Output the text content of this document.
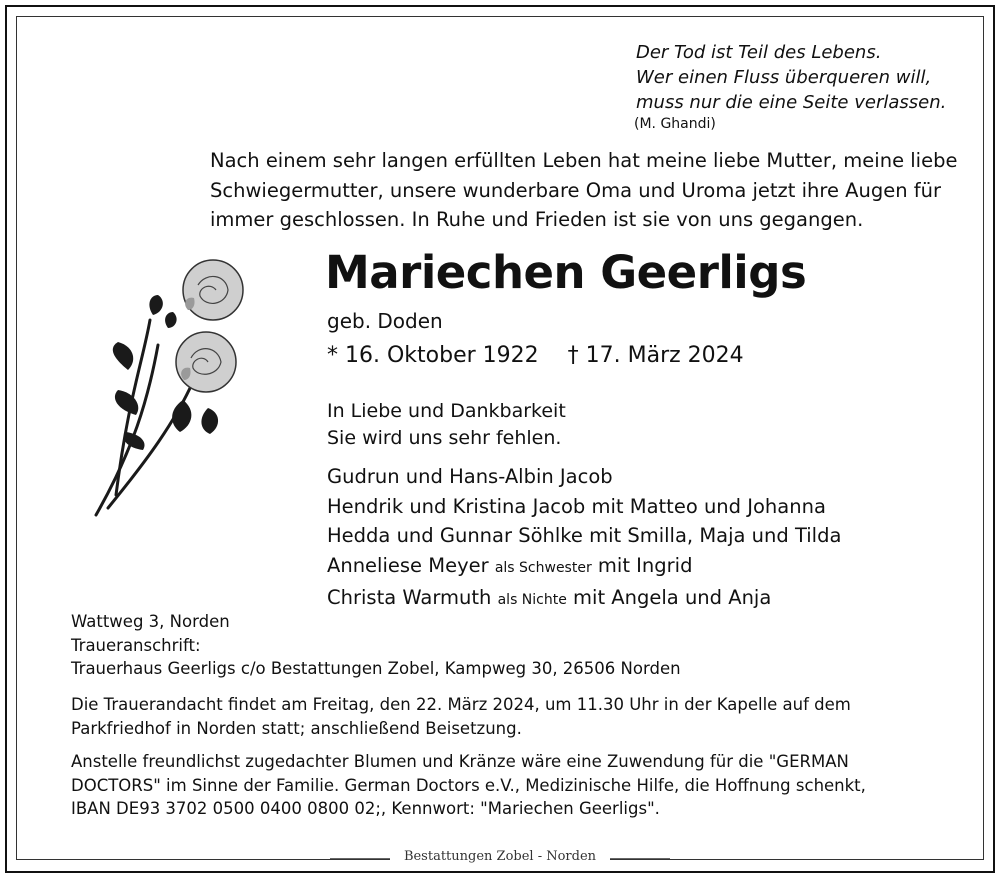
Der Tod ist Teil des Lebens.
Wer einen Fluss überqueren will,
muss nur die eine Seite verlassen.
(M. Ghandi)
Nach einem sehr langen erfüllten Leben hat meine liebe Mutter, meine liebe
Schwiegermutter, unsere wunderbare Oma und Uroma jetzt ihre Augen für
immer geschlossen. In Ruhe und Frieden ist sie von uns gegangen.
Mariechen Geerligs
geb. Doden
* 16. Oktober 1922 † 17. März 2024
In Liebe und Dankbarkeit
Sie wird uns sehr fehlen.
Gudrun und Hans-Albin Jacob
Hendrik und Kristina Jacob mit Matteo und Johanna
Hedda und Gunnar Söhlke mit Smilla, Maja und Tilda
Anneliese Meyer als Schwester mit Ingrid
Christa Warmuth als Nichte mit Angela und Anja
Wattweg 3, Norden
Traueranschrift:
Trauerhaus Geerligs c/o Bestattungen Zobel, Kampweg 30, 26506 Norden
Die Trauerandacht findet am Freitag, den 22. März 2024, um 11.30 Uhr in der Kapelle auf dem
Parkfriedhof in Norden statt; anschließend Beisetzung.
Anstelle freundlichst zugedachter Blumen und Kränze wäre eine Zuwendung für die "GERMAN
DOCTORS" im Sinne der Familie. German Doctors e.V., Medizinische Hilfe, die Hoffnung schenkt,
IBAN DE93 3702 0500 0400 0800 02;, Kennwort: "Mariechen Geerligs".
Bestattungen Zobel - Norden
